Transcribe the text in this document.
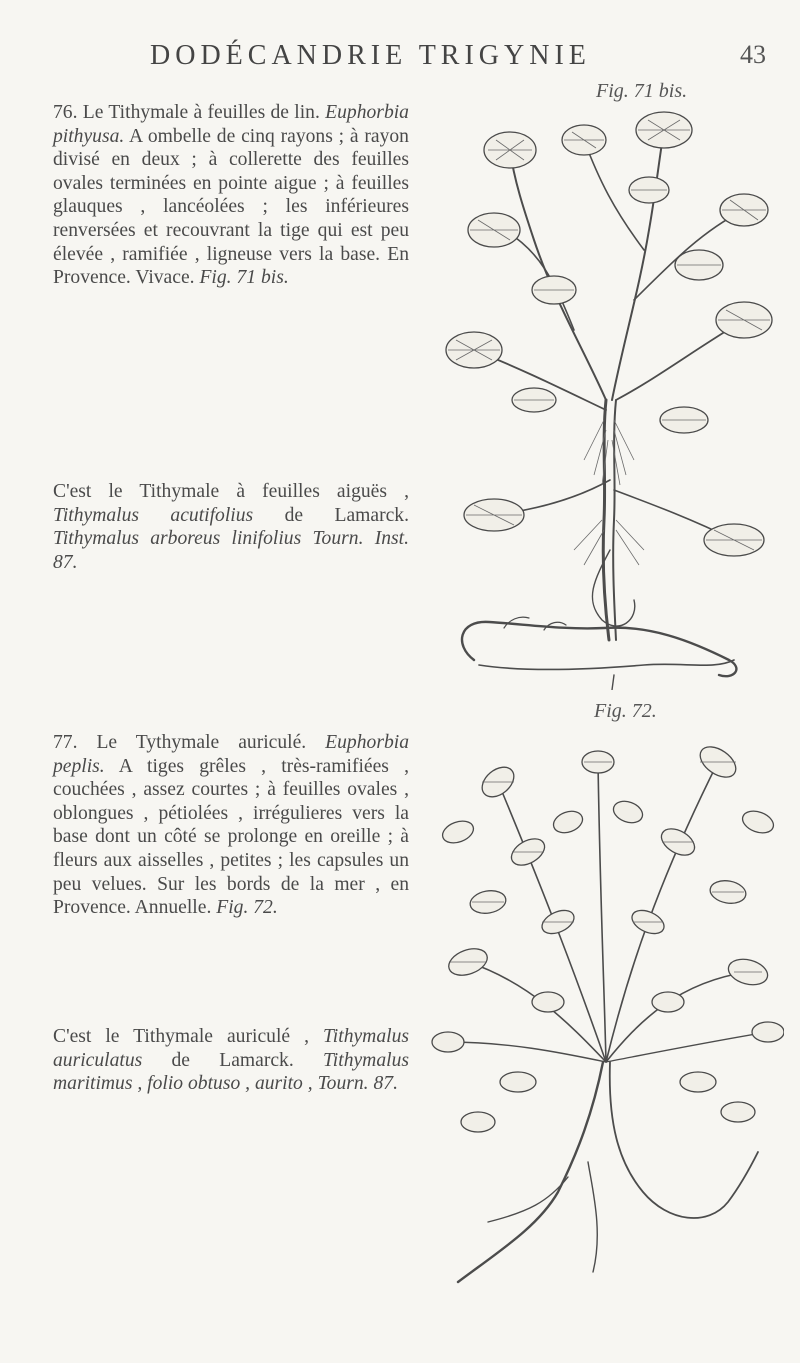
DODÉCANDRIE TRIGYNIE	43
Fig. 71 bis.
Fig. 72.

76. Le Tithymale à feuilles de lin. Euphorbia pithyusa. A ombelle de cinq rayons ; à rayon divisé en deux ; à collerette des feuilles ovales terminées en pointe aigue ; à feuilles glauques , lancéolées ; les inférieures renversées et recouvrant la tige qui est peu élevée , ramifiée , ligneuse vers la base. En Provence. Vivace. Fig. 71 bis.

C'est le Tithymale à feuilles aiguës , Tithymalus acutifolius de Lamarck. Tithymalus arboreus linifolius Tourn. Inst. 87.

77. Le Tythymale auriculé. Euphorbia peplis. A tiges grêles , très-ramifiées , couchées , assez courtes ; à feuilles ovales , oblongues , pétiolées , irrégulieres vers la base dont un côté se prolonge en oreille ; à fleurs aux aisselles , petites ; les capsules un peu velues. Sur les bords de la mer , en Provence. Annuelle. Fig. 72.

C'est le Tithymale auriculé , Tithymalus auriculatus de Lamarck. Tithymalus maritimus , folio obtuso , aurito , Tourn. 87.
